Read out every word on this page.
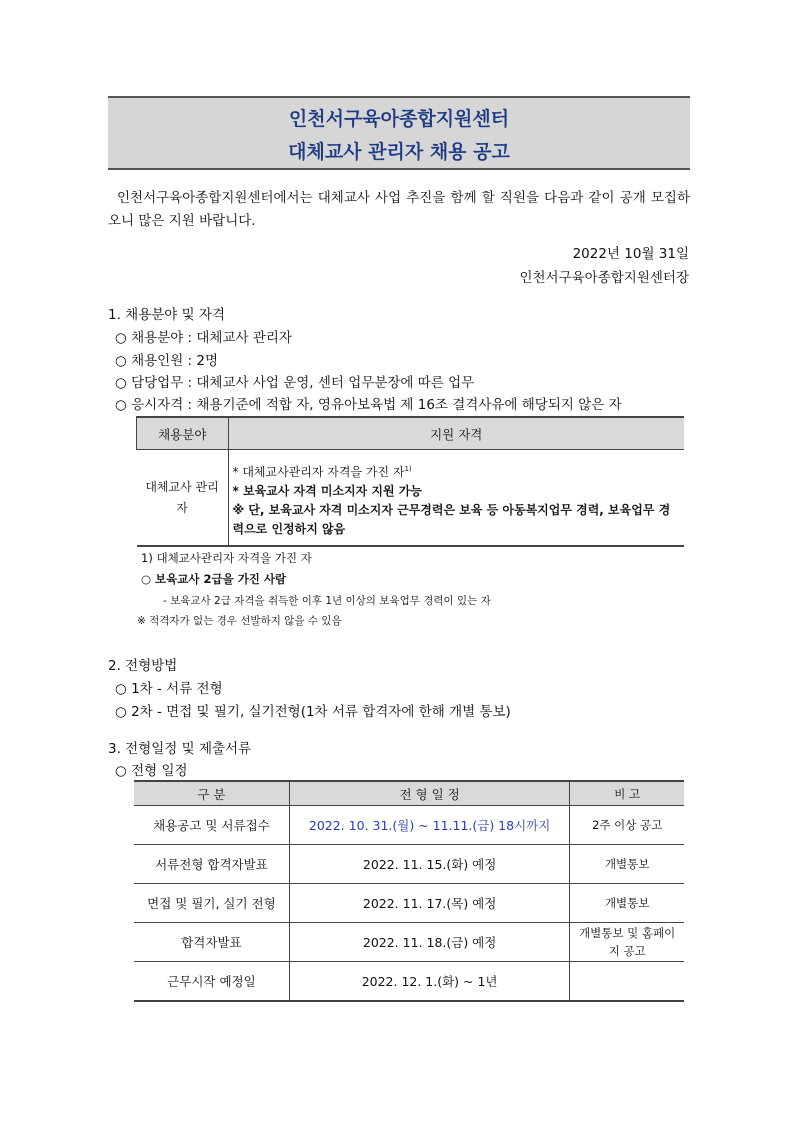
인천서구육아종합지원센터
대체교사 관리자 채용 공고
인천서구육아종합지원센터에서는 대체교사 사업 추진을 함께 할 직원을 다음과 같이 공개 모집하오니 많은 지원 바랍니다.
2022년 10월 31일
인천서구육아종합지원센터장
1. 채용분야 및 자격
○ 채용분야 : 대체교사 관리자
○ 채용인원 : 2명
○ 담당업무 : 대체교사 사업 운영, 센터 업무분장에 따른 업무
○ 응시자격 : 채용기준에 적합 자, 영유아보육법 제 16조 결격사유에 해당되지 않은 자
채용분야	지원 자격
대체교사 관리자	* 대체교사관리자 자격을 가진 자$^{1)}$
* 보육교사 자격 미소지자 지원 가능
※ 단, 보육교사 자격 미소지자 근무경력은 보육 등 아동복지업무 경력, 보육업무 경력으로 인정하지 않음
1) 대체교사관리자 자격을 가진 자
○ 보육교사 2급을 가진 사람
- 보육교사 2급 자격을 취득한 이후 1년 이상의 보육업무 경력이 있는 자
※ 적격자가 없는 경우 선발하지 않을 수 있음
2. 전형방법
○ 1차 - 서류 전형
○ 2차 - 면접 및 필기, 실기전형(1차 서류 합격자에 한해 개별 통보)
3. 전형일정 및 제출서류
○ 전형 일정
구 분	전 형 일 정	비 고
채용공고 및 서류접수	2022. 10. 31.(월) ~ 11.11.(금) 18시까지	2주 이상 공고
서류전형 합격자발표	2022. 11. 15.(화) 예정	개별통보
면접 및 필기, 실기 전형	2022. 11. 17.(목) 예정	개별통보
합격자발표	2022. 11. 18.(금) 예정	개별통보 및 홈페이지 공고
근무시작 예정일	2022. 12. 1.(화) ~ 1년	
